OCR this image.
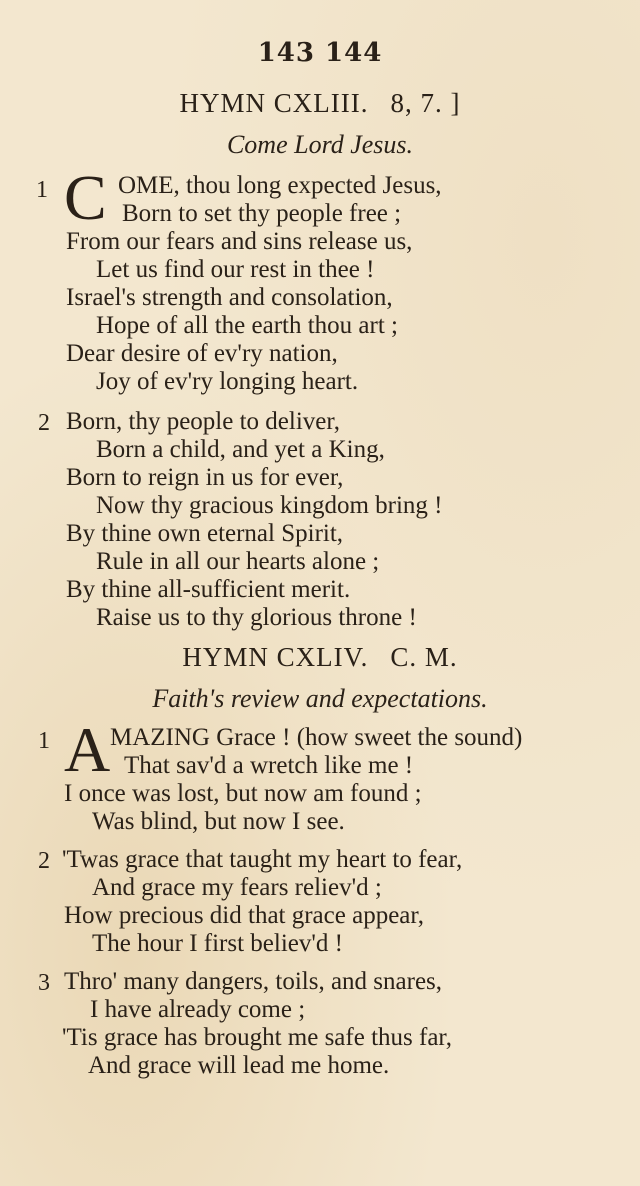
143 144
HYMN CXLIII. 8, 7. ]
Come Lord Jesus.
1 C OME, thou long expected Jesus,
Born to set thy people free ;
From our fears and sins release us,
Let us find our rest in thee !
Israel's strength and consolation,
Hope of all the earth thou art ;
Dear desire of ev'ry nation,
Joy of ev'ry longing heart.
2 Born, thy people to deliver,
Born a child, and yet a King,
Born to reign in us for ever,
Now thy gracious kingdom bring !
By thine own eternal Spirit,
Rule in all our hearts alone ;
By thine all-sufficient merit.
Raise us to thy glorious throne !
HYMN CXLIV. C. M.
Faith's review and expectations.
1 A MAZING Grace ! (how sweet the sound)
That sav'd a wretch like me !
I once was lost, but now am found ;
Was blind, but now I see.
2 'Twas grace that taught my heart to fear,
And grace my fears reliev'd ;
How precious did that grace appear,
The hour I first believ'd !
3 Thro' many dangers, toils, and snares,
I have already come ;
'Tis grace has brought me safe thus far,
And grace will lead me home.
